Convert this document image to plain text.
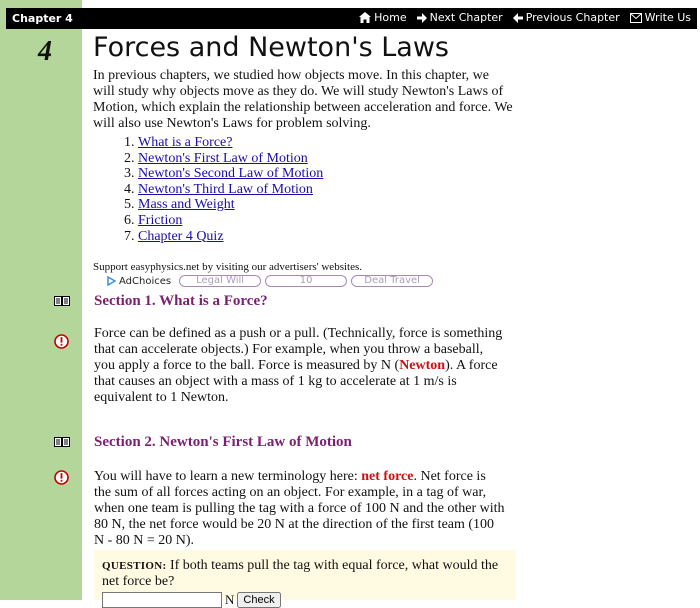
Chapter 4	Home Next Chapter Previous Chapter Write Us
4 Forces and Newton's Laws

In previous chapters, we studied how objects move. In this chapter, we will study why objects move as they do. We will study Newton's Laws of Motion, which explain the relationship between acceleration and force. We will also use Newton's Laws for problem solving.

1. What is a Force?
2. Newton's First Law of Motion
3. Newton's Second Law of Motion
4. Newton's Third Law of Motion
5. Mass and Weight
6. Friction
7. Chapter 4 Quiz
Support easyphysics.net by visiting our advertisers' websites.
AdChoices	Legal Will	10	Deal Travel
Section 1. What is a Force?

Force can be defined as a push or a pull. (Technically, force is something that can accelerate objects.) For example, when you throw a baseball, you apply a force to the ball. Force is measured by N (Newton). A force that causes an object with a mass of 1 kg to accelerate at 1 m/s is equivalent to 1 Newton.

Section 2. Newton's First Law of Motion

You will have to learn a new terminology here: net force. Net force is the sum of all forces acting on an object. For example, in a tag of war, when one team is pulling the tag with a force of 100 N and the other with 80 N, the net force would be 20 N at the direction of the first team (100 N - 80 N = 20 N).

QUESTION: If both teams pull the tag with equal force, what would the net force be?

N Check
